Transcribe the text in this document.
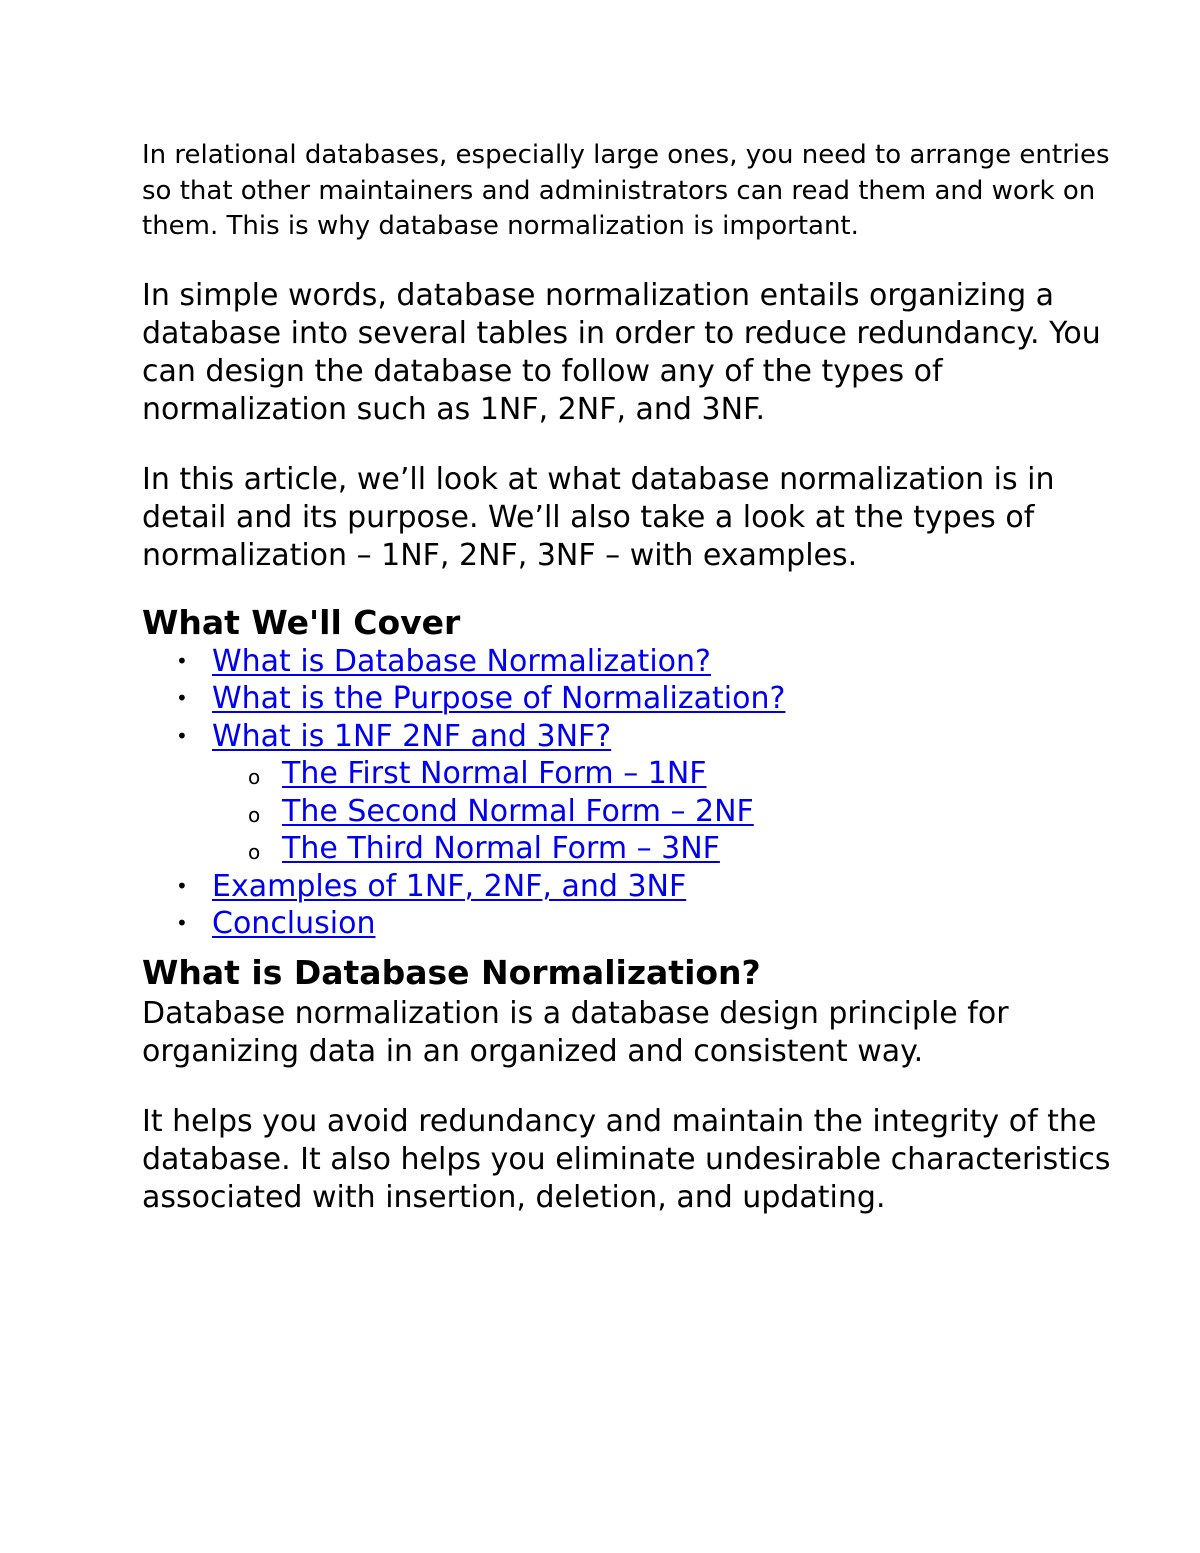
In relational databases, especially large ones, you need to arrange entries so that other maintainers and administrators can read them and work on them. This is why database normalization is important.

In simple words, database normalization entails organizing a database into several tables in order to reduce redundancy. You can design the database to follow any of the types of normalization such as 1NF, 2NF, and 3NF.

In this article, we’ll look at what database normalization is in detail and its purpose. We’ll also take a look at the types of normalization – 1NF, 2NF, 3NF – with examples.

What We'll Cover
• What is Database Normalization?
• What is the Purpose of Normalization?
• What is 1NF 2NF and 3NF?
o The First Normal Form – 1NF
o The Second Normal Form – 2NF
o The Third Normal Form – 3NF
• Examples of 1NF, 2NF, and 3NF
• Conclusion
What is Database Normalization?

Database normalization is a database design principle for organizing data in an organized and consistent way.

It helps you avoid redundancy and maintain the integrity of the database. It also helps you eliminate undesirable characteristics associated with insertion, deletion, and updating.
